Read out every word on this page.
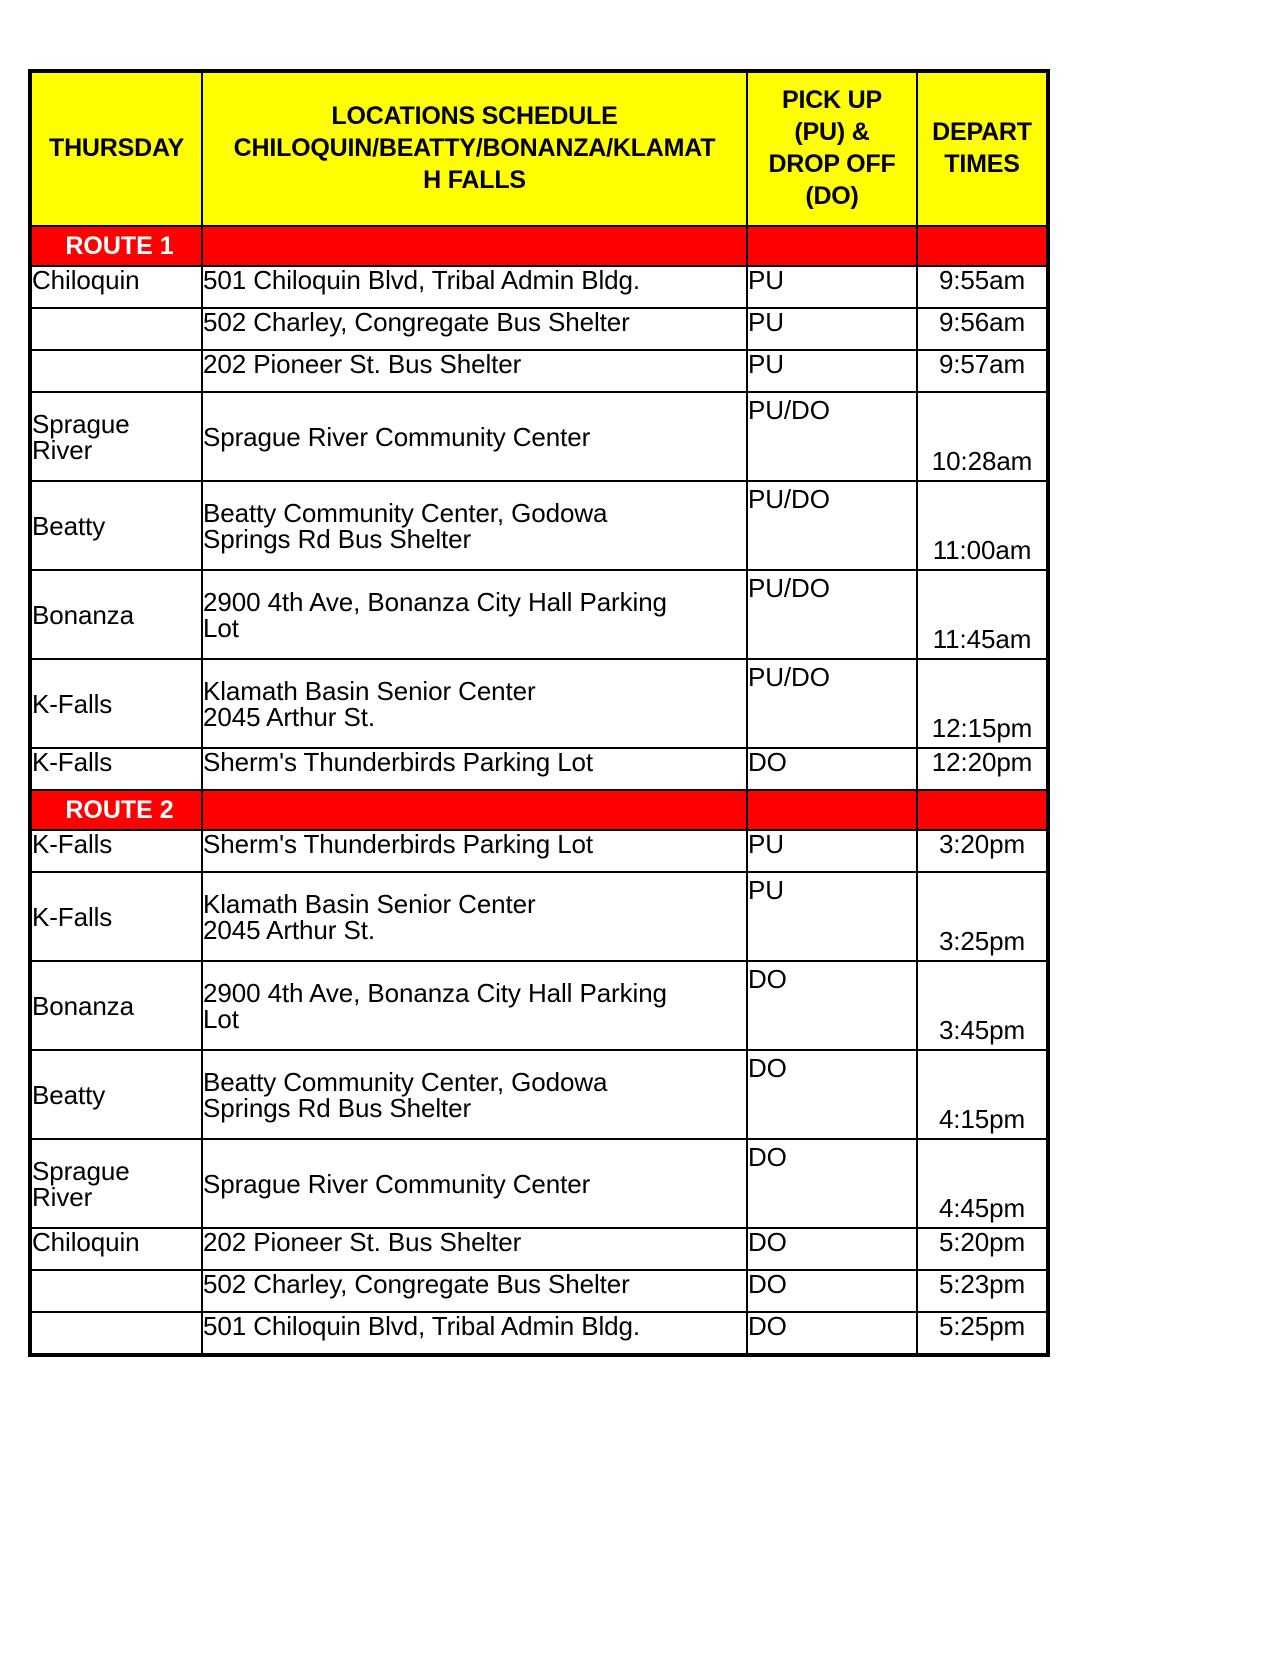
THURSDAY	LOCATIONS SCHEDULE
CHILOQUIN/BEATTY/BONANZA/KLAMAT
H FALLS	PICK UP
(PU) &
DROP OFF
(DO)	DEPART
TIMES
ROUTE 1			

Chiloquin	501 Chiloquin Blvd, Tribal Admin Bldg.	PU	9:55am

	502 Charley, Congregate Bus Shelter	PU	9:56am

	202 Pioneer St. Bus Shelter	PU	9:57am

Sprague
River	Sprague River Community Center	PU/DO	10:28am

Beatty	Beatty Community Center, Godowa
Springs Rd Bus Shelter	PU/DO	11:00am

Bonanza	2900 4th Ave, Bonanza City Hall Parking
Lot	PU/DO	11:45am

K-Falls	Klamath Basin Senior Center
2045 Arthur St.	PU/DO	12:15pm

K-Falls	Sherm's Thunderbirds Parking Lot	DO	12:20pm
ROUTE 2			

K-Falls	Sherm's Thunderbirds Parking Lot	PU	3:20pm

K-Falls	Klamath Basin Senior Center
2045 Arthur St.	PU	3:25pm

Bonanza	2900 4th Ave, Bonanza City Hall Parking
Lot	DO	3:45pm

Beatty	Beatty Community Center, Godowa
Springs Rd Bus Shelter	DO	4:15pm

Sprague
River	Sprague River Community Center	DO	4:45pm

Chiloquin	202 Pioneer St. Bus Shelter	DO	5:20pm

	502 Charley, Congregate Bus Shelter	DO	5:23pm

	501 Chiloquin Blvd, Tribal Admin Bldg.	DO	5:25pm
